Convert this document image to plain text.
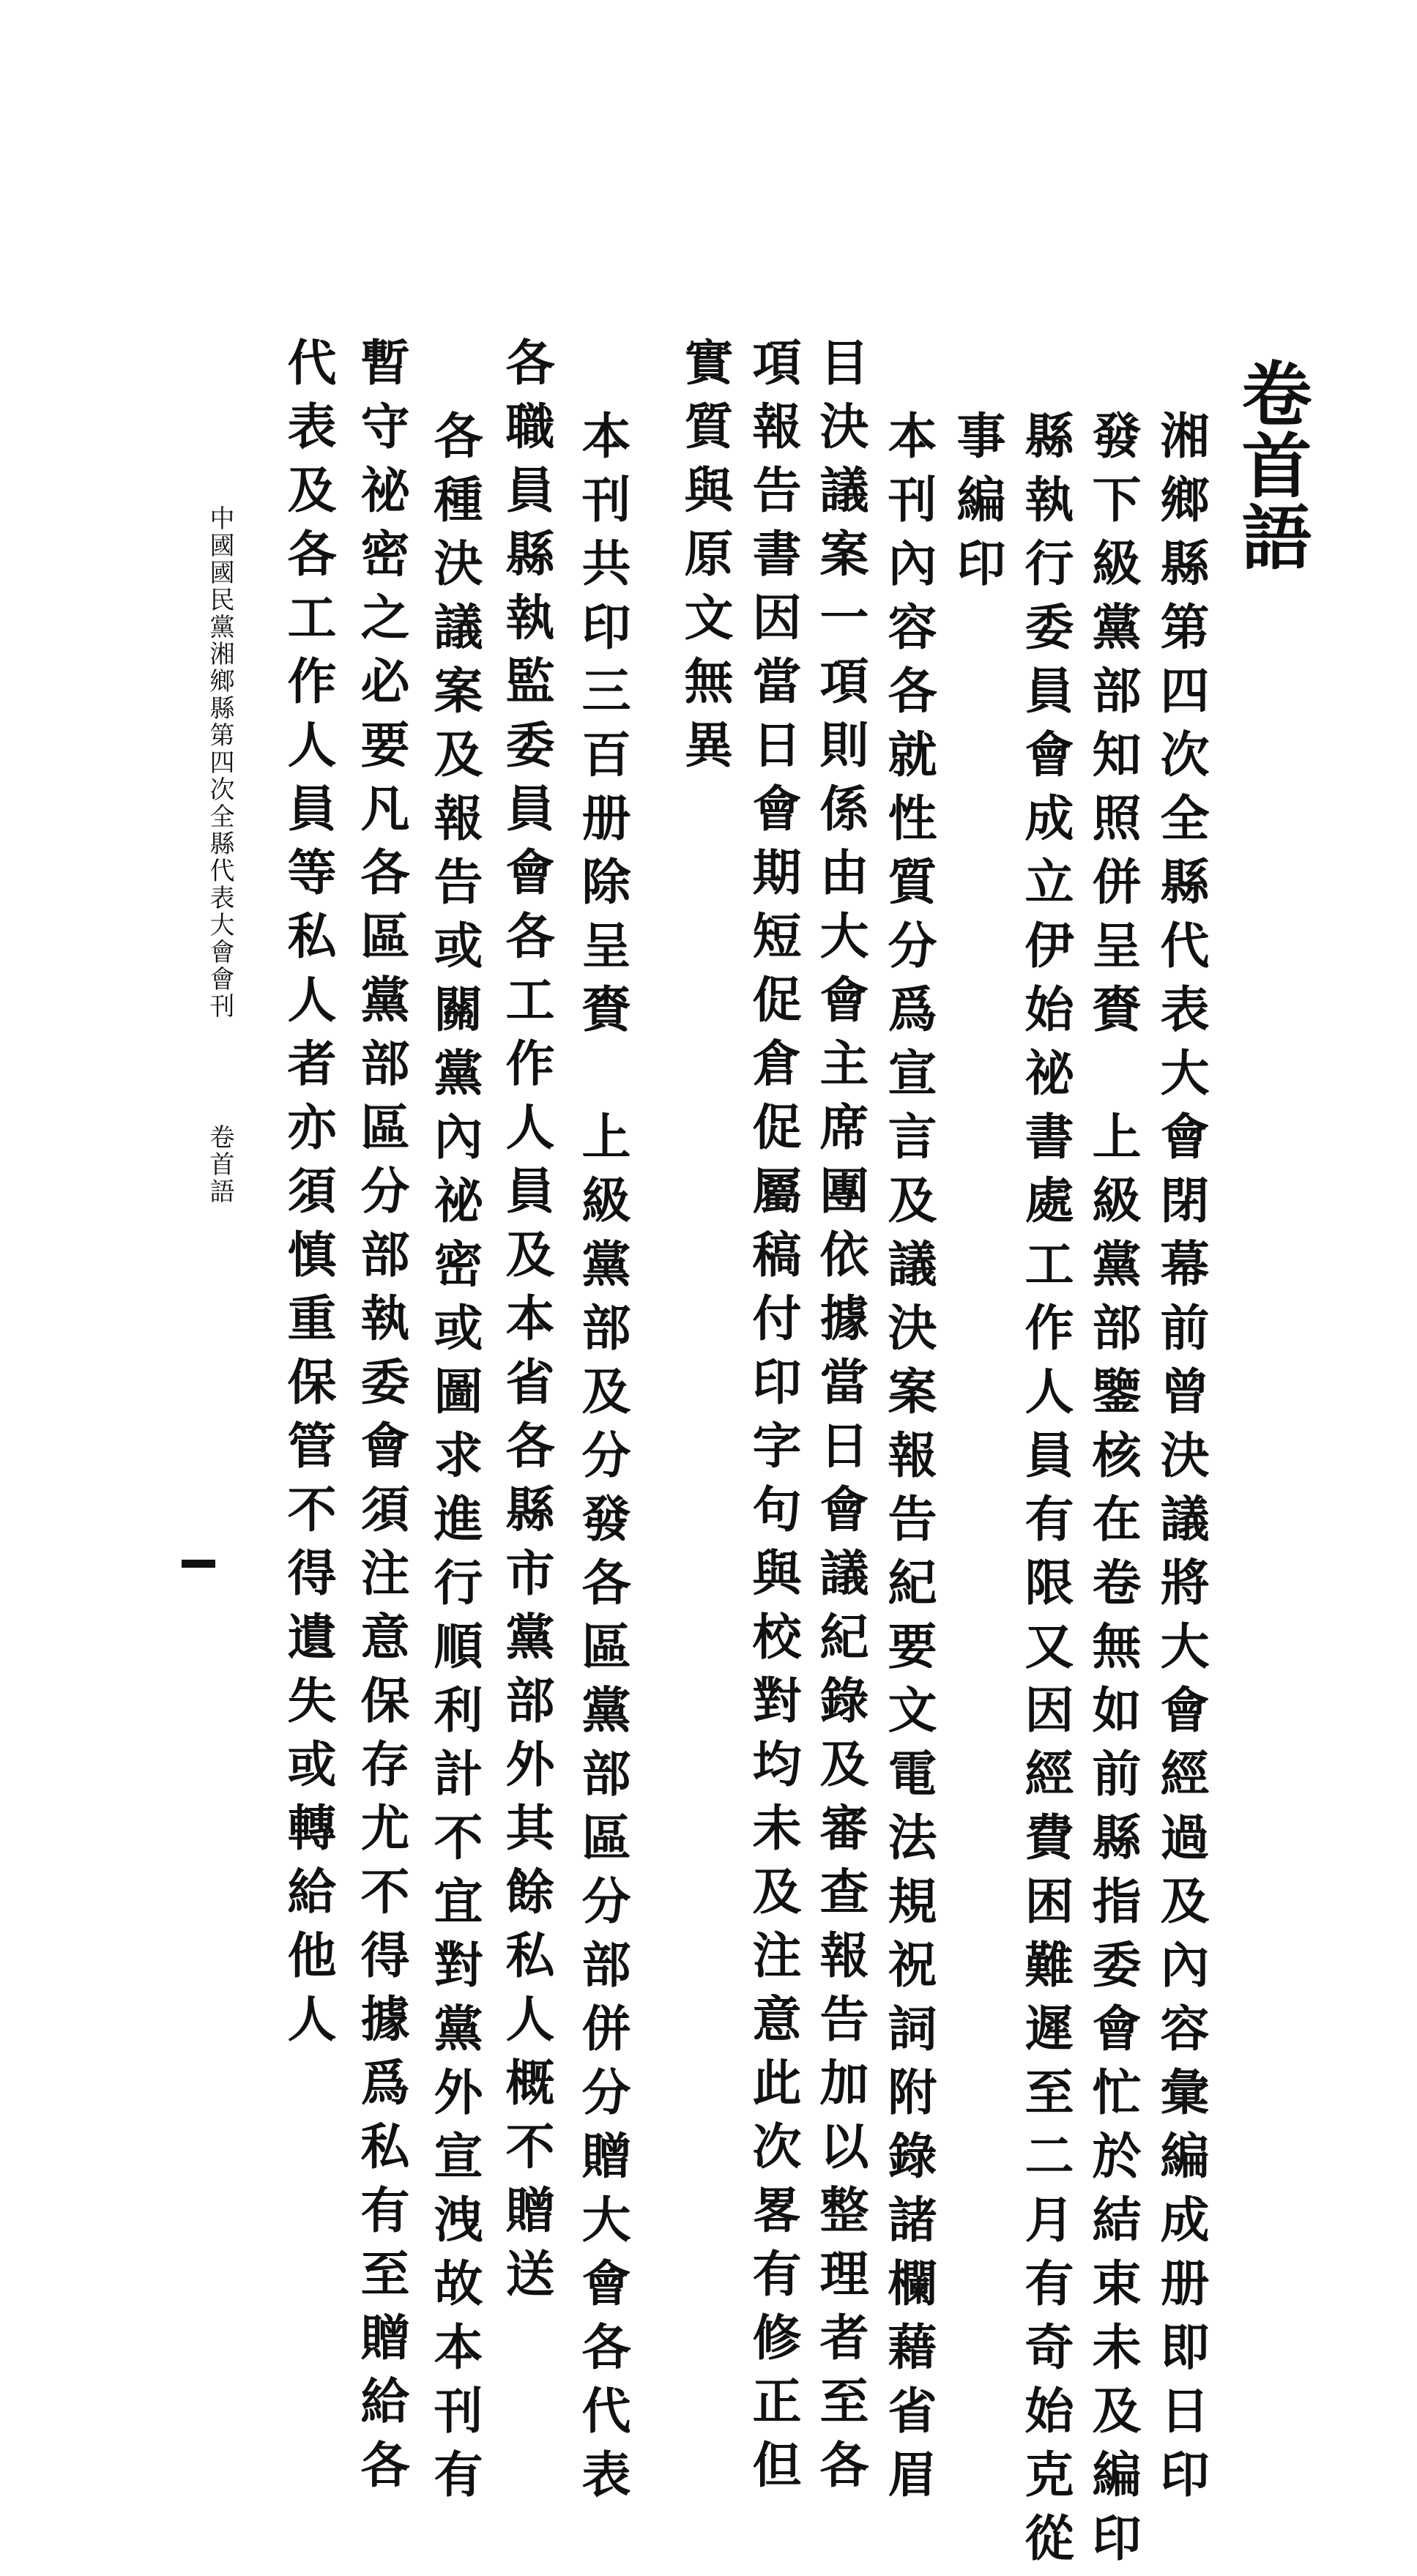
卷首語
湘鄉縣第四次全縣代表大會閉幕前曾決議將大會經過及內容彙編成册即日印
發下級黨部知照併呈賚　上級黨部鑒核在卷無如前縣指委會忙於結束未及編印
縣執行委員會成立伊始祕書處工作人員有限又因經費困難遲至二月有奇始克從
事編印
本刊內容各就性質分爲宣言及議決案報告紀要文電法規祝詞附錄諸欄藉省眉
目決議案一項則係由大會主席團依據當日會議紀錄及審查報告加以整理者至各
項報告書因當日會期短促倉促屬稿付印字句與校對均未及注意此次畧有修正但
實質與原文無異
本刊共印三百册除呈賚　上級黨部及分發各區黨部區分部併分贈大會各代表
各職員縣執監委員會各工作人員及本省各縣市黨部外其餘私人概不贈送
各種決議案及報告或關黨內祕密或圖求進行順利計不宜對黨外宣洩故本刊有
暫守祕密之必要凡各區黨部區分部執委會須注意保存尤不得據爲私有至贈給各
代表及各工作人員等私人者亦須慎重保管不得遺失或轉給他人
中國國民黨湘鄉縣第四次全縣代表大會會刊
卷首語
